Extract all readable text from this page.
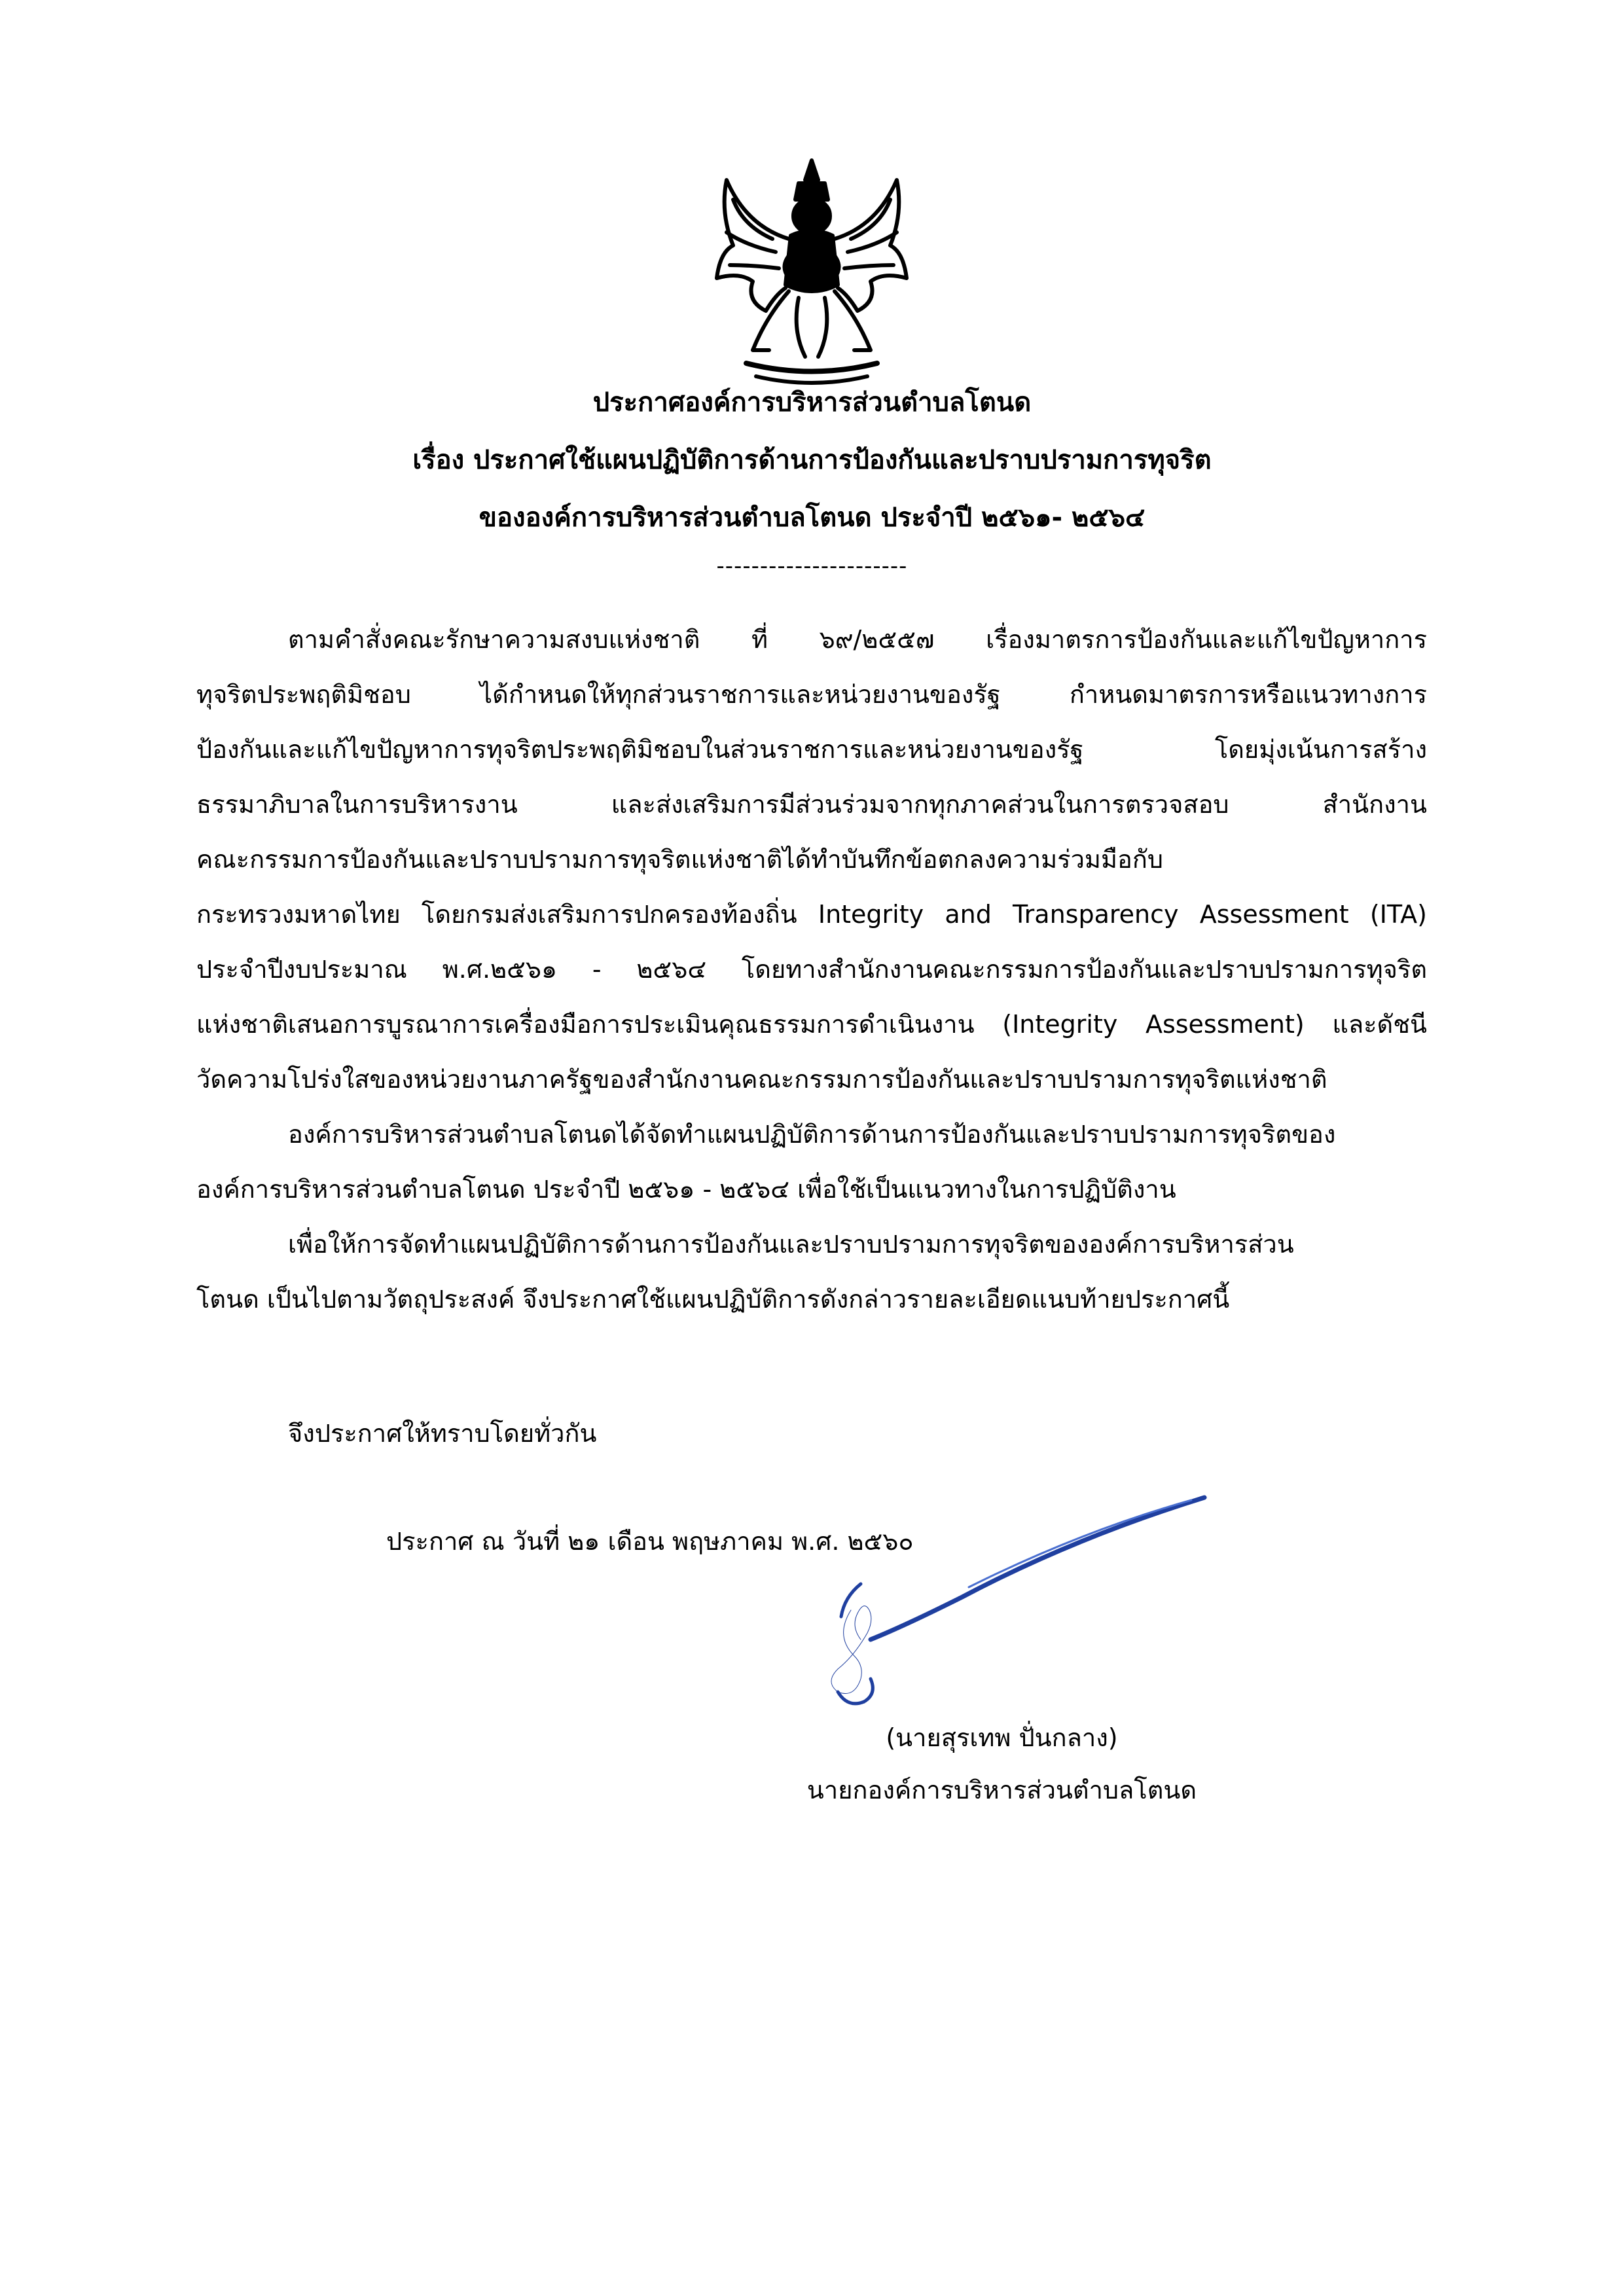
ประกาศองค์การบริหารส่วนตำบลโตนด
เรื่อง ประกาศใช้แผนปฏิบัติการด้านการป้องกันและปราบปรามการทุจริต
ขององค์การบริหารส่วนตำบลโตนด ประจำปี ๒๕๖๑- ๒๕๖๔
----------------------
ตามคำสั่งคณะรักษาความสงบแห่งชาติ ที่ ๖๙/๒๕๕๗ เรื่องมาตรการป้องกันและแก้ไขปัญหาการ
ทุจริตประพฤติมิชอบ ได้กำหนดให้ทุกส่วนราชการและหน่วยงานของรัฐ กำหนดมาตรการหรือแนวทางการ
ป้องกันและแก้ไขปัญหาการทุจริตประพฤติมิชอบในส่วนราชการและหน่วยงานของรัฐ โดยมุ่งเน้นการสร้าง
ธรรมาภิบาลในการบริหารงาน และส่งเสริมการมีส่วนร่วมจากทุกภาคส่วนในการตรวจสอบ สำนักงาน
คณะกรรมการป้องกันและปราบปรามการทุจริตแห่งชาติได้ทำบันทึกข้อตกลงความร่วมมือกับ
กระทรวงมหาดไทย โดยกรมส่งเสริมการปกครองท้องถิ่น Integrity and Transparency Assessment (ITA)
ประจำปีงบประมาณ พ.ศ.๒๕๖๑ - ๒๕๖๔ โดยทางสำนักงานคณะกรรมการป้องกันและปราบปรามการทุจริต
แห่งชาติเสนอการบูรณาการเครื่องมือการประเมินคุณธรรมการดำเนินงาน (Integrity Assessment) และดัชนี
วัดความโปร่งใสของหน่วยงานภาครัฐของสำนักงานคณะกรรมการป้องกันและปราบปรามการทุจริตแห่งชาติ
องค์การบริหารส่วนตำบลโตนดได้จัดทำแผนปฏิบัติการด้านการป้องกันและปราบปรามการทุจริตของ
องค์การบริหารส่วนตำบลโตนด ประจำปี ๒๕๖๑ - ๒๕๖๔ เพื่อใช้เป็นแนวทางในการปฏิบัติงาน
เพื่อให้การจัดทำแผนปฏิบัติการด้านการป้องกันและปราบปรามการทุจริตขององค์การบริหารส่วน
โตนด เป็นไปตามวัตถุประสงค์ จึงประกาศใช้แผนปฏิบัติการดังกล่าวรายละเอียดแนบท้ายประกาศนี้
จึงประกาศให้ทราบโดยทั่วกัน
ประกาศ ณ วันที่ ๒๑ เดือน พฤษภาคม พ.ศ. ๒๕๖๐
(นายสุรเทพ ปั่นกลาง)
นายกองค์การบริหารส่วนตำบลโตนด
